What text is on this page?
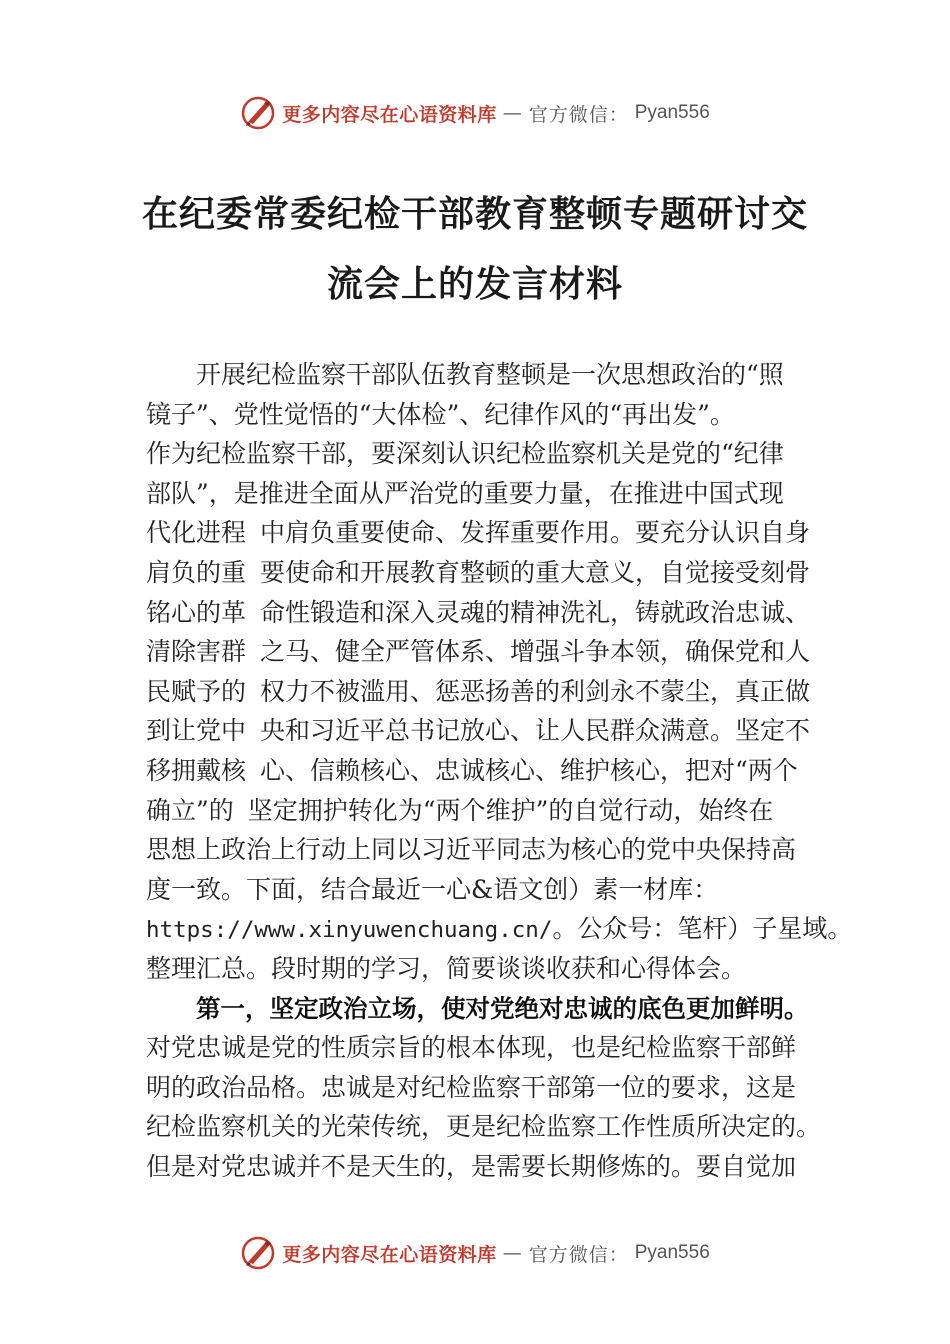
更多内容尽在心语资料库 — 官方微信： Pyan556
在纪委常委纪检干部教育整顿专题研讨交
流会上的发言材料
开展纪检监察干部队伍教育整顿是一次思想政治的“照
镜子”、党性觉悟的“大体检”、纪律作风的“再出发”。
作为纪检监察干部，要深刻认识纪检监察机关是党的“纪律
部队”，是推进全面从严治党的重要力量，在推进中国式现
代化进程 中肩负重要使命、发挥重要作用。要充分认识自身
肩负的重 要使命和开展教育整顿的重大意义，自觉接受刻骨
铭心的革 命性锻造和深入灵魂的精神洗礼，铸就政治忠诚、
清除害群 之马、健全严管体系、增强斗争本领，确保党和人
民赋予的 权力不被滥用、惩恶扬善的利剑永不蒙尘，真正做
到让党中 央和习近平总书记放心、让人民群众满意。坚定不
移拥戴核 心、信赖核心、忠诚核心、维护核心，把对“两个
确立”的 坚定拥护转化为“两个维护”的自觉行动，始终在
思想上政治上行动上同以习近平同志为核心的党中央保持高
度一致。下面，结合最近一心&语文创）素一材库：
https://www.xinyuwenchuang.cn/。公众号：笔杆）子星域。
整理汇总。段时期的学习，简要谈谈收获和心得体会。
第一，坚定政治立场，使对党绝对忠诚的底色更加鲜明。
对党忠诚是党的性质宗旨的根本体现，也是纪检监察干部鲜
明的政治品格。忠诚是对纪检监察干部第一位的要求，这是
纪检监察机关的光荣传统，更是纪检监察工作性质所决定的。
但是对党忠诚并不是天生的，是需要长期修炼的。要自觉加
更多内容尽在心语资料库 — 官方微信： Pyan556
